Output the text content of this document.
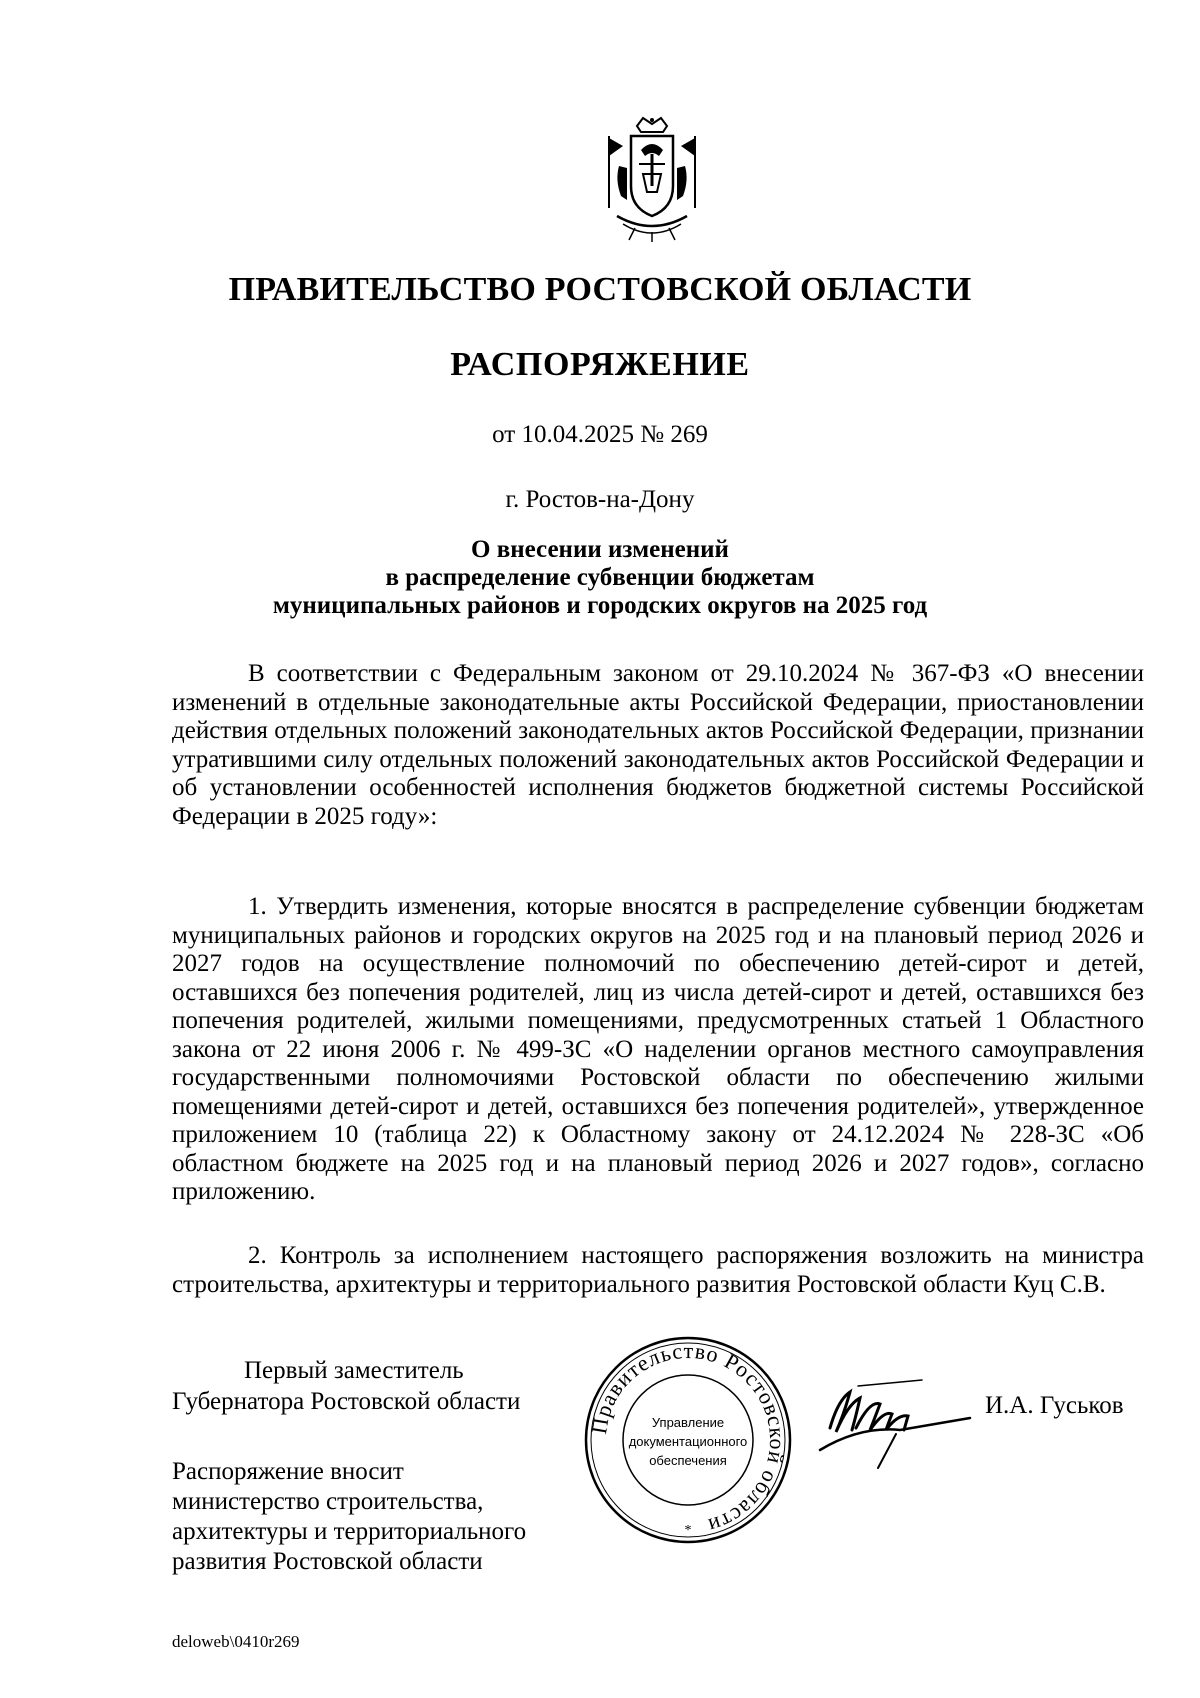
ПРАВИТЕЛЬСТВО РОСТОВСКОЙ ОБЛАСТИ
РАСПОРЯЖЕНИЕ
от 10.04.2025 № 269
г. Ростов-на-Дону
О внесении изменений
в распределение субвенции бюджетам
муниципальных районов и городских округов на 2025 год
В соответствии с Федеральным законом от 29.10.2024 № 367-ФЗ «О внесении изменений в отдельные законодательные акты Российской Федерации, приостановлении действия отдельных положений законодательных актов Российской Федерации, признании утратившими силу отдельных положений законодательных актов Российской Федерации и об установлении особенностей исполнения бюджетов бюджетной системы Российской Федерации в 2025 году»:
1. Утвердить изменения, которые вносятся в распределение субвенции бюджетам муниципальных районов и городских округов на 2025 год и на плановый период 2026 и 2027 годов на осуществление полномочий по обеспечению детей-сирот и детей, оставшихся без попечения родителей, лиц из числа детей-сирот и детей, оставшихся без попечения родителей, жилыми помещениями, предусмотренных статьей 1 Областного закона от 22 июня 2006 г. № 499-ЗС «О наделении органов местного самоуправления государственными полномочиями Ростовской области по обеспечению жилыми помещениями детей-сирот и детей, оставшихся без попечения родителей», утвержденное приложением 10 (таблица 22) к Областному закону от 24.12.2024 № 228-ЗС «Об областном бюджете на 2025 год и на плановый период 2026 и 2027 годов», согласно приложению.
2. Контроль за исполнением настоящего распоряжения возложить на министра строительства, архитектуры и территориального развития Ростовской области Куц С.В.
Первый заместитель
Губернатора Ростовской области
Правительство Ростовской области
Управление
документационного
обеспечения
*
И.А. Гуськов
Распоряжение вносит
министерство строительства,
архитектуры и территориального
развития Ростовской области
deloweb\0410r269
